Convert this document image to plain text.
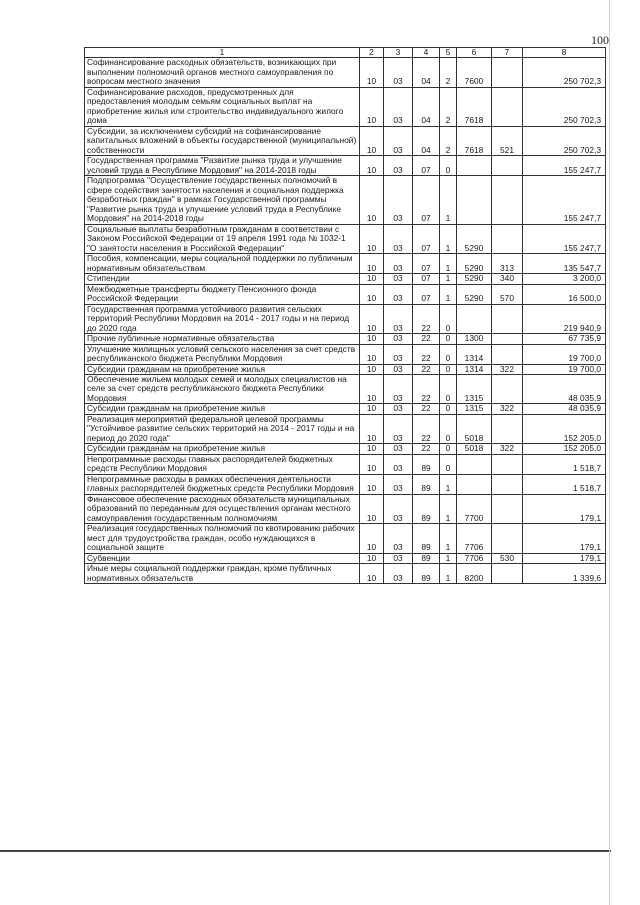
100
1	2	3	4	5	6	7	8
Софинансирование расходных обязательств, возникающих при выполнении полномочий органов местного самоуправления по вопросам местного значения	10	03	04	2	7600		250 702,3
Софинансирование расходов, предусмотренных для предоставления молодым семьям социальных выплат на приобретение жилья или строительство индивидуального жилого дома	10	03	04	2	7618		250 702,3
Субсидии, за исключением субсидий на софинансирование капитальных вложений в объекты государственной (муниципальной) собственности	10	03	04	2	7618	521	250 702,3
Государственная программа "Развитие рынка труда и улучшение условий труда в Республике Мордовия" на 2014-2018 годы	10	03	07	0			155 247,7
Подпрограмма "Осуществление государственных полномочий в сфере содействия занятости населения и социальная поддержка безработных граждан" в рамках Государственной программы "Развитие рынка труда и улучшение условий труда в Республике Мордовия" на 2014-2018 годы	10	03	07	1			155 247,7
Социальные выплаты безработным гражданам в соответствии с Законом Российской Федерации от 19 апреля 1991 года № 1032-1 "О занятости населения в Российской Федерации"	10	03	07	1	5290		155 247,7
Пособия, компенсации, меры социальной поддержки по публичным нормативным обязательствам	10	03	07	1	5290	313	135 547,7
Стипендии	10	03	07	1	5290	340	3 200,0
Межбюджетные трансферты бюджету Пенсионного фонда Российской Федерации	10	03	07	1	5290	570	16 500,0
Государственная программа устойчивого развития сельских территорий Республики Мордовия на 2014 - 2017 годы и на период до 2020 года	10	03	22	0			219 940,9
Прочие публичные нормативные обязательства	10	03	22	0	1300		67 735,9
Улучшение жилищных условий сельского населения за счет средств республиканского бюджета Республики Мордовия	10	03	22	0	1314		19 700,0
Субсидии гражданам на приобретение жилья	10	03	22	0	1314	322	19 700,0
Обеспечение жильем молодых семей и молодых специалистов на селе за счет средств республиканского бюджета Республики Мордовия	10	03	22	0	1315		48 035,9
Субсидии гражданам на приобретение жилья	10	03	22	0	1315	322	48 035,9
Реализация мероприятий федеральной целевой программы "Устойчивое развитие сельских территорий на 2014 - 2017 годы и на период до 2020 года"	10	03	22	0	5018		152 205,0
Субсидии гражданам на приобретение жилья	10	03	22	0	5018	322	152 205,0
Непрограммные расходы главных распорядителей бюджетных средств Республики Мордовия	10	03	89	0			1 518,7
Непрограммные расходы в рамках обеспечения деятельности главных распорядителей бюджетных средств Республики Мордовия	10	03	89	1			1 518,7
Финансовое обеспечение расходных обязательств муниципальных образований по переданным для осуществления органам местного самоуправления государственным полномочиям	10	03	89	1	7700		179,1
Реализация государственных полномочий по квотированию рабочих мест для трудоустройства граждан, особо нуждающихся в социальной защите	10	03	89	1	7706		179,1
Субвенции	10	03	89	1	7706	530	179,1
Иные меры социальной поддержки граждан, кроме публичных нормативных обязательств	10	03	89	1	8200		1 339,6
